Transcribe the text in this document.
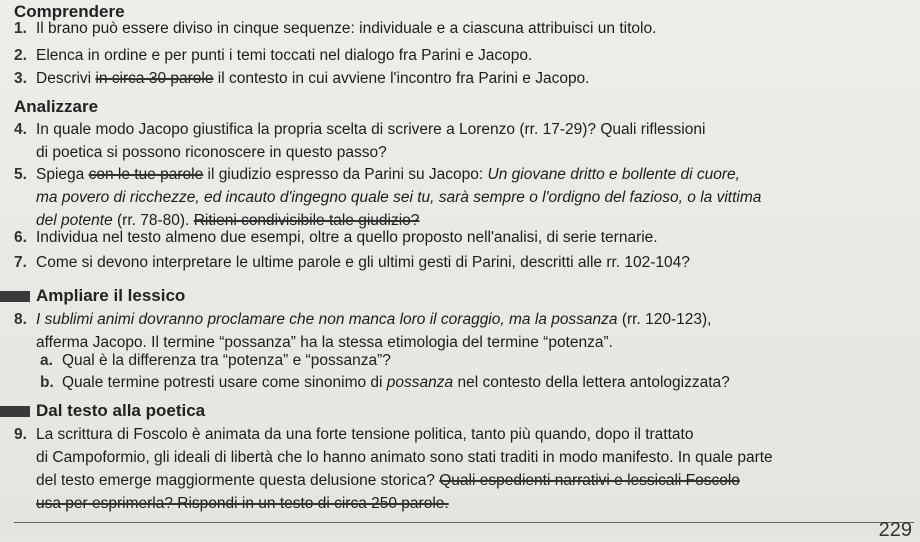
Comprendere
1. Il brano può essere diviso in cinque sequenze: individuale e a ciascuna attribuisci un titolo.
2. Elenca in ordine e per punti i temi toccati nel dialogo fra Parini e Jacopo.
3. Descrivi in circa 30 parole il contesto in cui avviene l'incontro fra Parini e Jacopo.
Analizzare
4. In quale modo Jacopo giustifica la propria scelta di scrivere a Lorenzo (rr. 17-29)? Quali riflessioni
di poetica si possono riconoscere in questo passo?
5. Spiega con le tue parole il giudizio espresso da Parini su Jacopo: Un giovane dritto e bollente di cuore,
ma povero di ricchezze, ed incauto d'ingegno quale sei tu, sarà sempre o l'ordigno del fazioso, o la vittima
del potente (rr. 78-80). Ritieni condivisibile tale giudizio?
6. Individua nel testo almeno due esempi, oltre a quello proposto nell'analisi, di serie ternarie.
7. Come si devono interpretare le ultime parole e gli ultimi gesti di Parini, descritti alle rr. 102-104?
Ampliare il lessico
8. I sublimi animi dovranno proclamare che non manca loro il coraggio, ma la possanza (rr. 120-123),
afferma Jacopo. Il termine “possanza” ha la stessa etimologia del termine “potenza”.
a. Qual è la differenza tra “potenza” e “possanza”?
b. Quale termine potresti usare come sinonimo di possanza nel contesto della lettera antologizzata?
Dal testo alla poetica
9. La scrittura di Foscolo è animata da una forte tensione politica, tanto più quando, dopo il trattato
di Campoformio, gli ideali di libertà che lo hanno animato sono stati traditi in modo manifesto. In quale parte
del testo emerge maggiormente questa delusione storica? Quali espedienti narrativi e lessicali Foscolo
usa per esprimerla? Rispondi in un testo di circa 250 parole.
229
